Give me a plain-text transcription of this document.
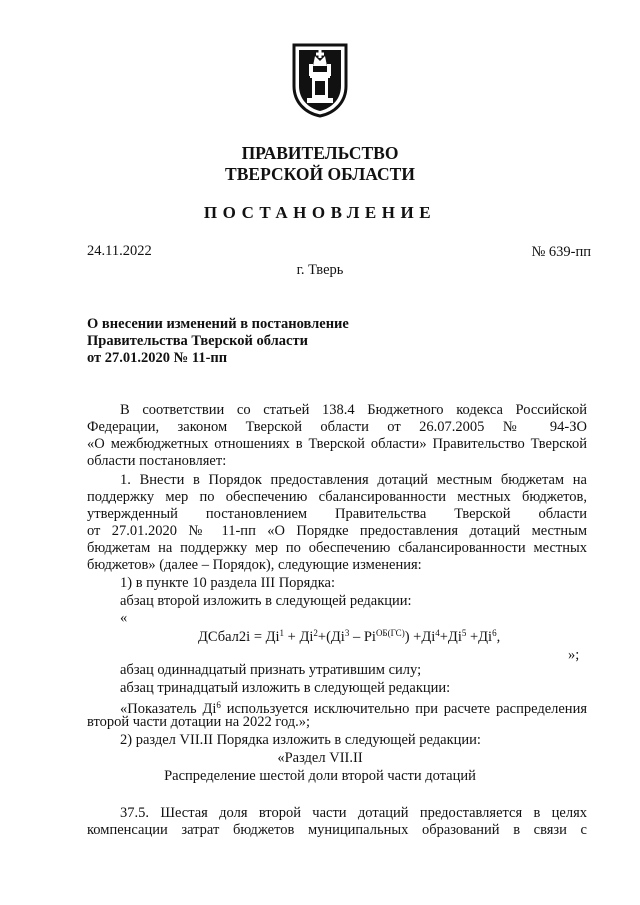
ПРАВИТЕЛЬСТВО
ТВЕРСКОЙ ОБЛАСТИ
ПОСТАНОВЛЕНИЕ
24.11.2022	№ 639-пп
г. Тверь
О внесении изменений в постановление
Правительства Тверской области
от 27.01.2020 № 11-пп
В соответствии со статьей 138.4 Бюджетного кодекса Российской
Федерации, законом Тверской области от 26.07.2005 № 94-ЗО
«О межбюджетных отношениях в Тверской области» Правительство Тверской
области постановляет:
1. Внести в Порядок предоставления дотаций местным бюджетам на
поддержку мер по обеспечению сбалансированности местных бюджетов,
утвержденный постановлением Правительства Тверской области
от 27.01.2020 № 11-пп «О Порядке предоставления дотаций местным
бюджетам на поддержку мер по обеспечению сбалансированности местных
бюджетов» (далее – Порядок), следующие изменения:
1) в пункте 10 раздела III Порядка:
абзац второй изложить в следующей редакции:
«
ДСбал2i = $Дi^1 + Дi^2+(Дi^3 - Рi^{ОБ(ГС)}) +Дi^4+Дi^5 +Дi^6$,
»;
абзац одиннадцатый признать утратившим силу;
абзац тринадцатый изложить в следующей редакции:
«Показатель $Дi^6$ используется исключительно при расчете распределения
второй части дотации на 2022 год.»;
2) раздел VII.II Порядка изложить в следующей редакции:
«Раздел VII.II
Распределение шестой доли второй части дотаций
37.5. Шестая доля второй части дотаций предоставляется в целях
компенсации затрат бюджетов муниципальных образований в связи с
